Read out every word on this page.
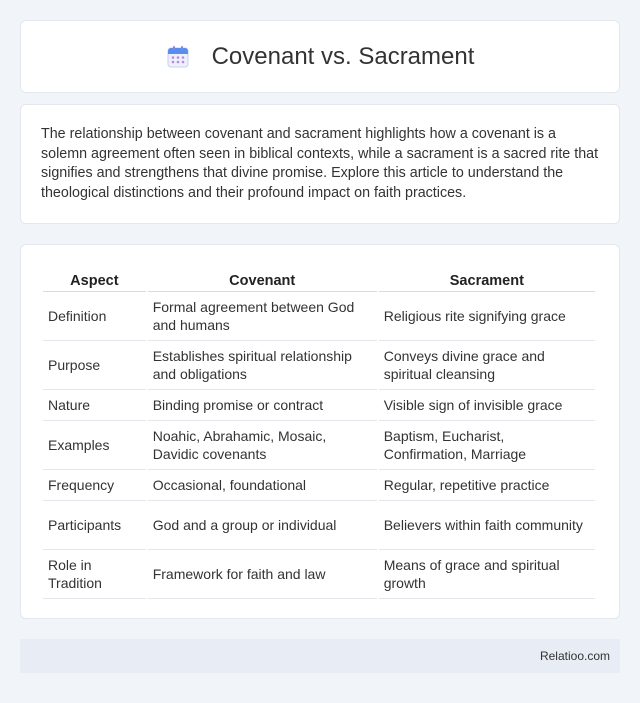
Covenant vs. Sacrament

The relationship between covenant and sacrament highlights how a covenant is a solemn agreement often seen in biblical contexts, while a sacrament is a sacred rite that signifies and strengthens that divine promise. Explore this article to understand the theological distinctions and their profound impact on faith practices.

Aspect	Covenant	Sacrament
Definition	Formal agreement between God and humans	Religious rite signifying grace
Purpose	Establishes spiritual relationship and obligations	Conveys divine grace and spiritual cleansing
Nature	Binding promise or contract	Visible sign of invisible grace
Examples	Noahic, Abrahamic, Mosaic, Davidic covenants	Baptism, Eucharist, Confirmation, Marriage
Frequency	Occasional, foundational	Regular, repetitive practice
Participants	God and a group or individual	Believers within faith community
Role in Tradition	Framework for faith and law	Means of grace and spiritual growth
Relatioo.com
